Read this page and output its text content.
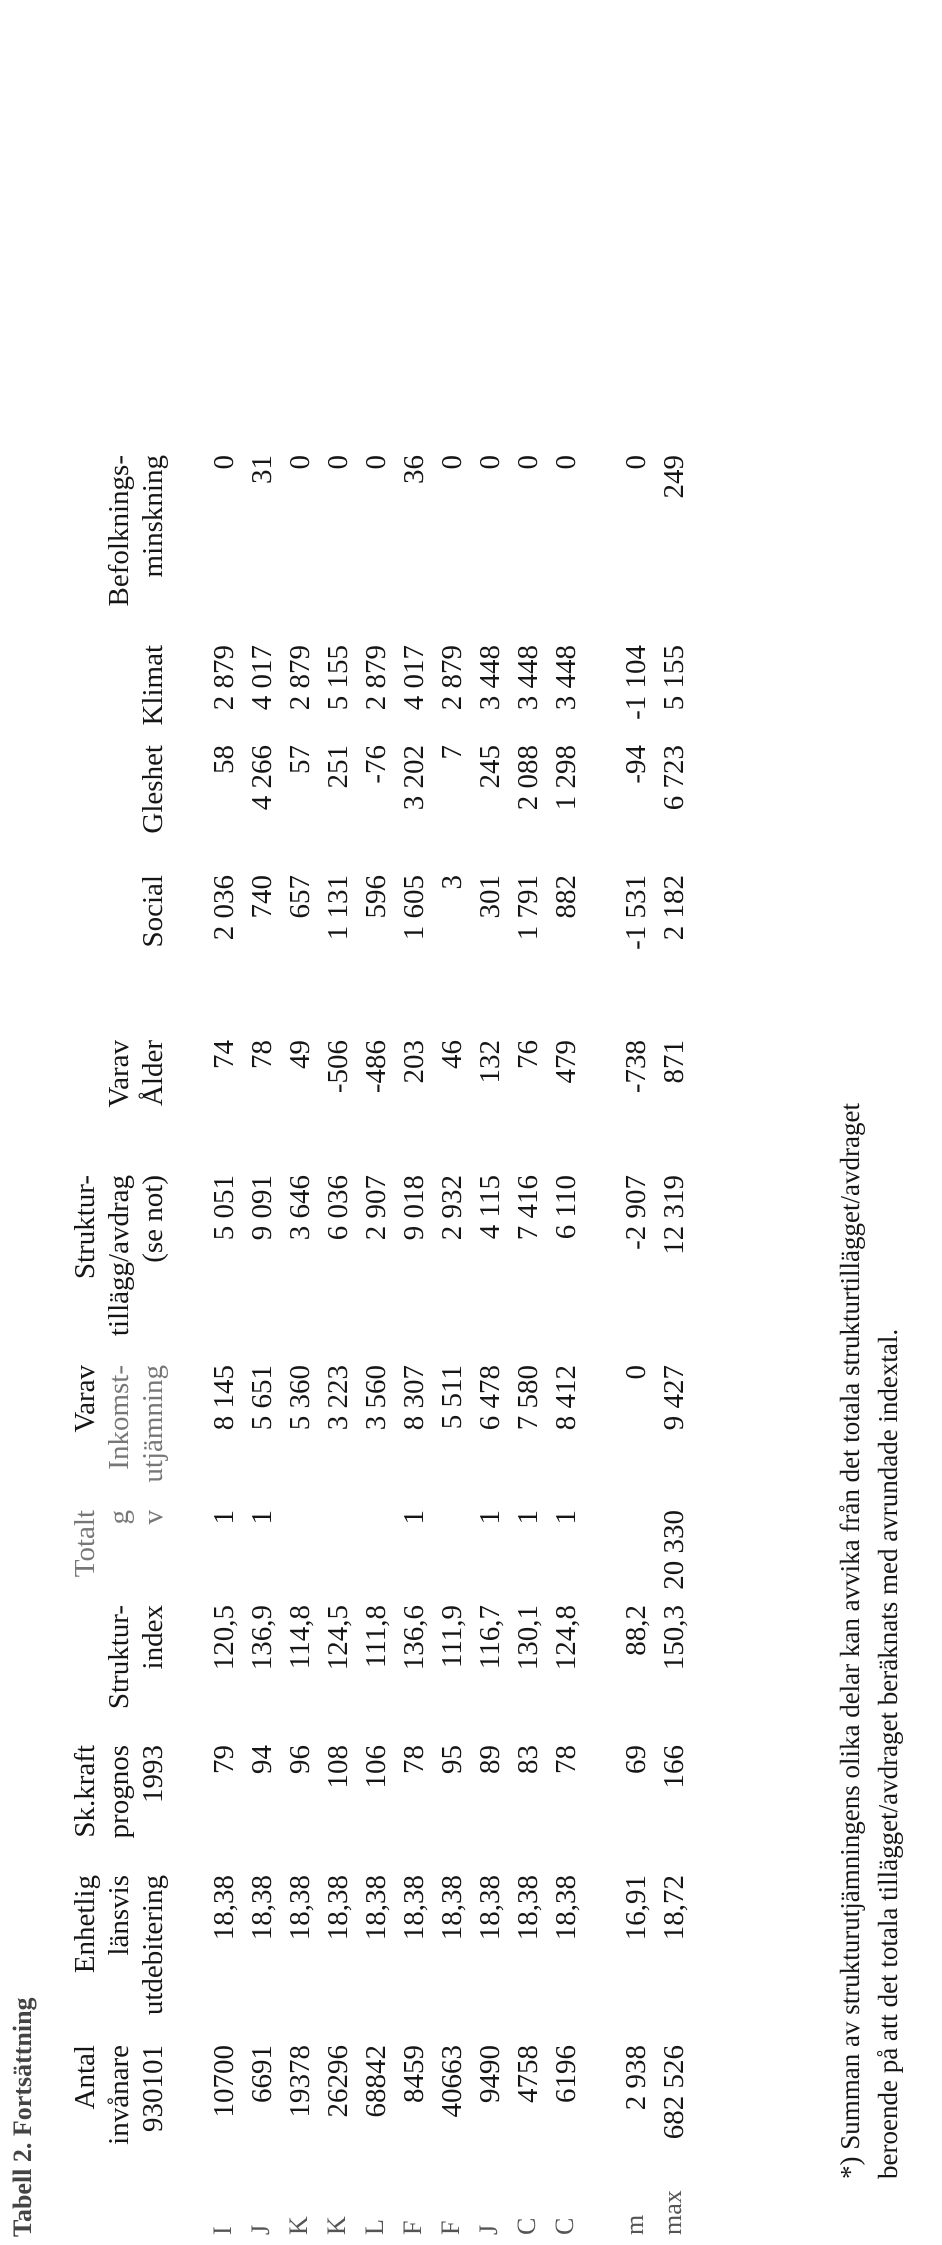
Tabell 2. Fortsättning Antal invånare 930101
Enhetlig länsvis utdebitering
Sk.kraft prognos 1993
Struktur- index
Totalt g v
Varav Inkomst- utjämning
Struktur- tillägg/avdrag (se not)
Varav Ålder
Social
Gleshet
Klimat
Befolknings- minskning
I J K K L F F J C C m max
10700
18,38
79
120,5
1
8 145
5 051
74
2 036
58
2 879
0
6691
18,38
94
136,9
1
5 651
9 091
78
740
4 266
4 017
31
19378
18,38
96
114,8
5 360
3 646
49
657
57
2 879
0
26296
18,38
108
124,5
3 223
6 036
-506
1 131
251
5 155
0
68842
18,38
106
111,8
3 560
2 907
-486
596
-76
2 879
0
8459
18,38
78
136,6
1
8 307
9 018
203
1 605
3 202
4 017
36
40663
18,38
95
111,9
5 511
2 932
46
3
7
2 879
0
9490
18,38
89
116,7
1
6 478
4 115
132
301
245
3 448
0
4758
18,38
83
130,1
1
7 580
7 416
76
1 791
2 088
3 448
0
6196
18,38
78
124,8
1
8 412
6 110
479
882
1 298
3 448
0
2 938
16,91
69
88,2
0
-2 907
-738
-1 531
-94
-1 104
0
682 526
18,72
166
150,3
20 330
9 427
12 319
871
2 182
6 723
5 155
249
*) Summan av strukturutjämningens olika delar kan avvika från det totala strukturtillägget/avdraget beroende på att det totala tillägget/avdraget beräknats med avrundade indextal.
